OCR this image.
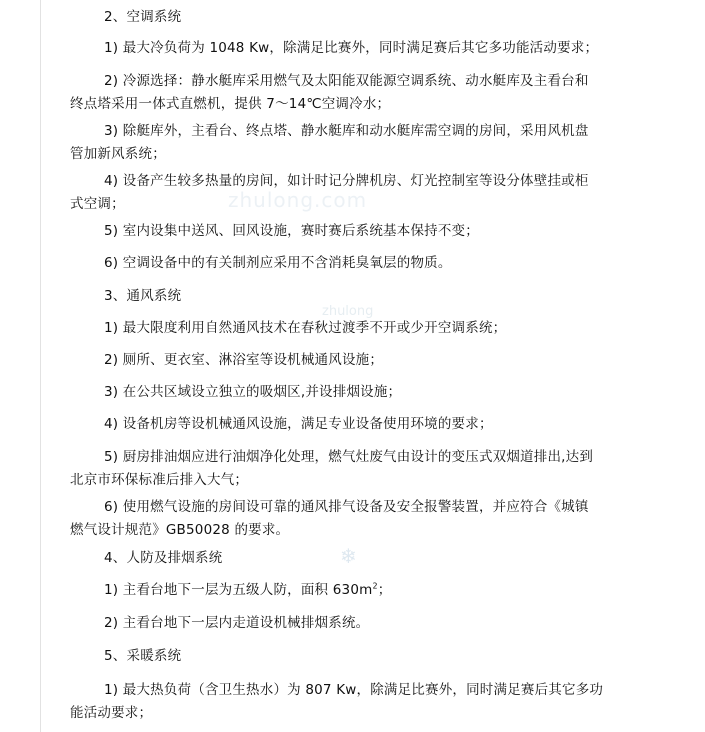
zhulong.com
zhulong
❄
2、空调系统
1) 最大冷负荷为 1048 Kw，除满足比赛外，同时满足赛后其它多功能活动要求；
2) 冷源选择：静水艇库采用燃气及太阳能双能源空调系统、动水艇库及主看台和
终点塔采用一体式直燃机，提供 7～14℃空调冷水；
3) 除艇库外，主看台、终点塔、静水艇库和动水艇库需空调的房间，采用风机盘
管加新风系统；
4) 设备产生较多热量的房间，如计时记分牌机房、灯光控制室等设分体壁挂或柜
式空调；
5) 室内设集中送风、回风设施，赛时赛后系统基本保持不变；
6) 空调设备中的有关制剂应采用不含消耗臭氧层的物质。
3、通风系统
1) 最大限度利用自然通风技术在春秋过渡季不开或少开空调系统；
2) 厕所、更衣室、淋浴室等设机械通风设施；
3) 在公共区域设立独立的吸烟区,并设排烟设施；
4) 设备机房等设机械通风设施，满足专业设备使用环境的要求；
5) 厨房排油烟应进行油烟净化处理，燃气灶废气由设计的变压式双烟道排出,达到
北京市环保标准后排入大气；
6) 使用燃气设施的房间设可靠的通风排气设备及安全报警装置，并应符合《城镇
燃气设计规范》GB50028 的要求。
4、人防及排烟系统
1) 主看台地下一层为五级人防，面积 $630m^2$；
2) 主看台地下一层内走道设机械排烟系统。
5、采暖系统
1) 最大热负荷（含卫生热水）为 807 Kw，除满足比赛外，同时满足赛后其它多功
能活动要求；
